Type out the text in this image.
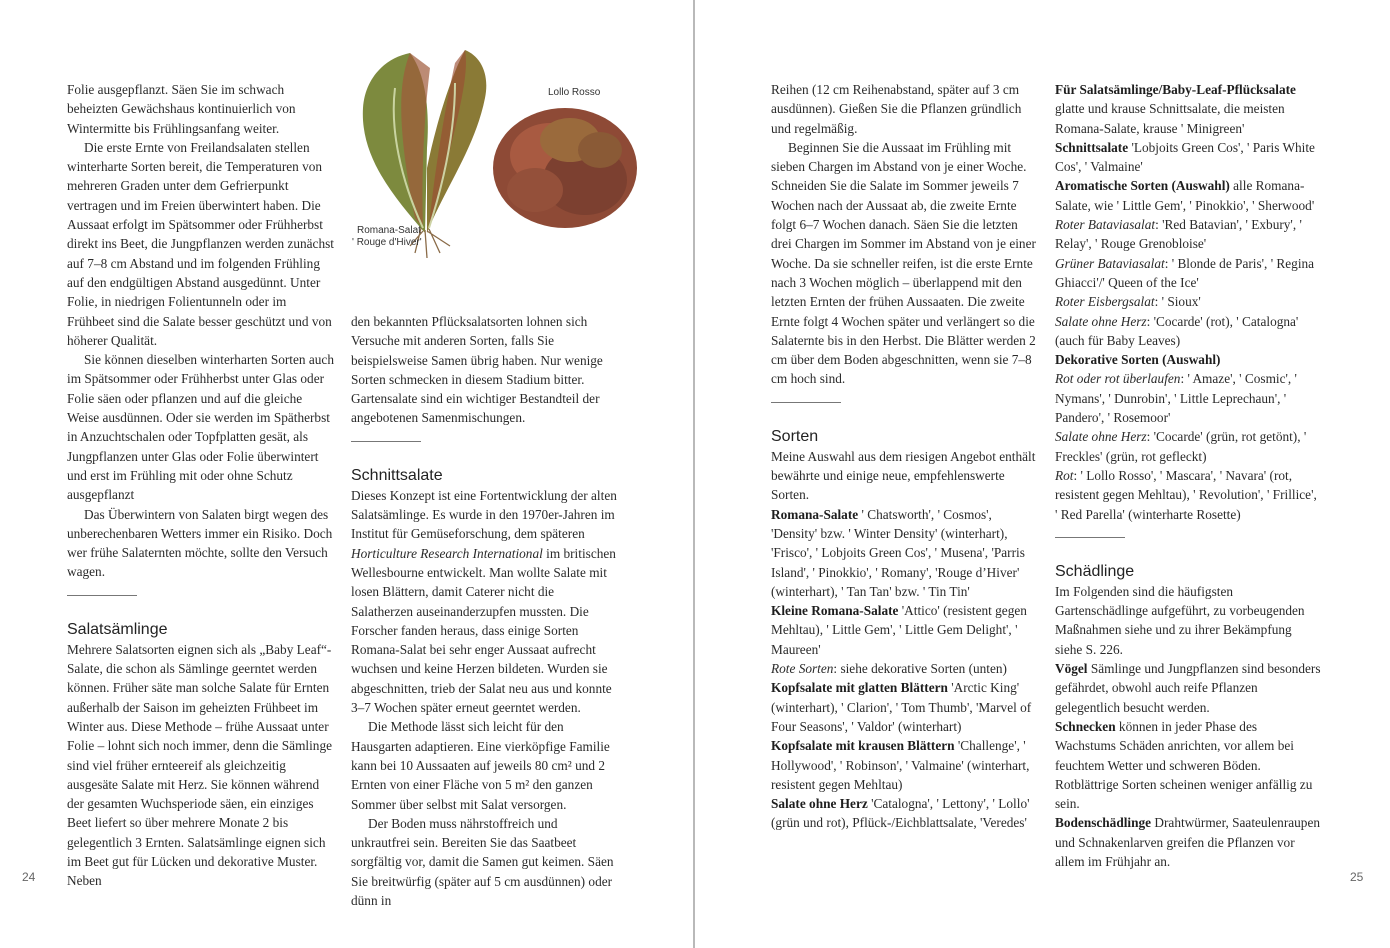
24

Folie ausgepflanzt. Säen Sie im schwach beheizten Gewächshaus kontinuierlich von Wintermitte bis Frühlingsanfang weiter.

Die erste Ernte von Freilandsalaten stellen winterharte Sorten bereit, die Temperaturen von mehreren Graden unter dem Gefrierpunkt vertragen und im Freien überwintert haben. Die Aussaat erfolgt im Spätsommer oder Frühherbst direkt ins Beet, die Jungpflanzen werden zunächst auf 7–8 cm Abstand und im folgenden Frühling auf den endgültigen Abstand ausgedünnt. Unter Folie, in niedrigen Folientunneln oder im Frühbeet sind die Salate besser geschützt und von höherer Qualität.

Sie können dieselben winterharten Sorten auch im Spätsommer oder Frühherbst unter Glas oder Folie säen oder pflanzen und auf die gleiche Weise ausdünnen. Oder sie werden im Spätherbst in Anzuchtschalen oder Topfplatten gesät, als Jungpflanzen unter Glas oder Folie überwintert und erst im Frühling mit oder ohne Schutz ausgepflanzt

Das Überwintern von Salaten birgt wegen des unberechenbaren Wetters immer ein Risiko. Doch wer frühe Salaternten möchte, sollte den Versuch wagen.

Salatsämlinge

Mehrere Salatsorten eignen sich als „Baby Leaf“-Salate, die schon als Sämlinge geerntet werden können. Früher säte man solche Salate für Ernten außerhalb der Saison im geheizten Frühbeet im Winter aus. Diese Methode – frühe Aussaat unter Folie – lohnt sich noch immer, denn die Sämlinge sind viel früher ernteereif als gleichzeitig ausgesäte Salate mit Herz. Sie können während der gesamten Wuchsperiode säen, ein einziges Beet liefert so über mehrere Monate 2 bis gelegentlich 3 Ernten. Salatsämlinge eignen sich im Beet gut für Lücken und dekorative Muster. Neben

Romana-Salat
' Rouge d'Hiver'
Lollo Rosso

den bekannten Pflücksalatsorten lohnen sich Versuche mit anderen Sorten, falls Sie beispielsweise Samen übrig haben. Nur wenige Sorten schmecken in diesem Stadium bitter. Gartensalate sind ein wichtiger Bestandteil der angebotenen Samenmischungen.

Schnittsalate

Dieses Konzept ist eine Fortentwicklung der alten Salatsämlinge. Es wurde in den 1970er-Jahren im Institut für Gemüseforschung, dem späteren Horticulture Research International im britischen Wellesbourne entwickelt. Man wollte Salate mit losen Blättern, damit Caterer nicht die Salatherzen auseinanderzupfen mussten. Die Forscher fanden heraus, dass einige Sorten Romana-Salat bei sehr enger Aussaat aufrecht wuchsen und keine Herzen bildeten. Wurden sie abgeschnitten, trieb der Salat neu aus und konnte 3–7 Wochen später erneut geerntet werden.

Die Methode lässt sich leicht für den Hausgarten adaptieren. Eine vierköpfige Familie kann bei 10 Aussaaten auf jeweils 80 cm² und 2 Ernten von einer Fläche von 5 m² den ganzen Sommer über selbst mit Salat versorgen.

Der Boden muss nährstoffreich und unkrautfrei sein. Bereiten Sie das Saatbeet sorgfältig vor, damit die Samen gut keimen. Säen Sie breitwürfig (später auf 5 cm ausdünnen) oder dünn in

25

Reihen (12 cm Reihenabstand, später auf 3 cm ausdünnen). Gießen Sie die Pflanzen gründlich und regelmäßig.

Beginnen Sie die Aussaat im Frühling mit sieben Chargen im Abstand von je einer Woche. Schneiden Sie die Salate im Sommer jeweils 7 Wochen nach der Aussaat ab, die zweite Ernte folgt 6–7 Wochen danach. Säen Sie die letzten drei Chargen im Sommer im Abstand von je einer Woche. Da sie schneller reifen, ist die erste Ernte nach 3 Wochen möglich – überlappend mit den letzten Ernten der frühen Aussaaten. Die zweite Ernte folgt 4 Wochen später und verlängert so die Salaternte bis in den Herbst. Die Blätter werden 2 cm über dem Boden abgeschnitten, wenn sie 7–8 cm hoch sind.

Sorten

Meine Auswahl aus dem riesigen Angebot enthält bewährte und einige neue, empfehlenswerte Sorten.

Romana-Salate ' Chatsworth', ' Cosmos', 'Density' bzw. ' Winter Density' (winterhart), 'Frisco', ' Lobjoits Green Cos', ' Musena', 'Parris Island', ' Pinokkio', ' Romany', 'Rouge d’Hiver' (winterhart), ' Tan Tan' bzw. ' Tin Tin'

Kleine Romana-Salate 'Attico' (resistent gegen Mehltau), ' Little Gem', ' Little Gem Delight', ' Maureen'

Rote Sorten: siehe dekorative Sorten (unten)

Kopfsalate mit glatten Blättern 'Arctic King' (winterhart), ' Clarion', ' Tom Thumb', 'Marvel of Four Seasons', ' Valdor' (winterhart)

Kopfsalate mit krausen Blättern 'Challenge', ' Hollywood', ' Robinson', ' Valmaine' (winterhart, resistent gegen Mehltau)

Salate ohne Herz 'Catalogna', ' Lettony', ' Lollo' (grün und rot), Pflück-/Eichblattsalate, 'Veredes'

Für Salatsämlinge/Baby-Leaf-Pflücksalate glatte und krause Schnittsalate, die meisten Romana-Salate, krause ' Minigreen'

Schnittsalate 'Lobjoits Green Cos', ' Paris White Cos', ' Valmaine'

Aromatische Sorten (Auswahl) alle Romana-Salate, wie ' Little Gem', ' Pinokkio', ' Sherwood'

Roter Bataviasalat: 'Red Batavian', ' Exbury', ' Relay', ' Rouge Grenobloise'

Grüner Bataviasalat: ' Blonde de Paris', ' Regina Ghiacci'/' Queen of the Ice'

Roter Eisbergsalat: ' Sioux'

Salate ohne Herz: 'Cocarde' (rot), ' Catalogna' (auch für Baby Leaves)

Dekorative Sorten (Auswahl)

Rot oder rot überlaufen: ' Amaze', ' Cosmic', ' Nymans', ' Dunrobin', ' Little Leprechaun', ' Pandero', ' Rosemoor'

Salate ohne Herz: 'Cocarde' (grün, rot getönt), ' Freckles' (grün, rot gefleckt)

Rot: ' Lollo Rosso', ' Mascara', ' Navara' (rot, resistent gegen Mehltau), ' Revolution', ' Frillice', ' Red Parella' (winterharte Rosette)

Schädlinge

Im Folgenden sind die häufigsten Gartenschädlinge aufgeführt, zu vorbeugenden Maßnahmen siehe und zu ihrer Bekämpfung siehe S. 226.

Vögel Sämlinge und Jungpflanzen sind besonders gefährdet, obwohl auch reife Pflanzen gelegentlich besucht werden.

Schnecken können in jeder Phase des Wachstums Schäden anrichten, vor allem bei feuchtem Wetter und schweren Böden. Rotblättrige Sorten scheinen weniger anfällig zu sein.

Bodenschädlinge Drahtwürmer, Saateulenraupen und Schnakenlarven greifen die Pflanzen vor allem im Frühjahr an.
